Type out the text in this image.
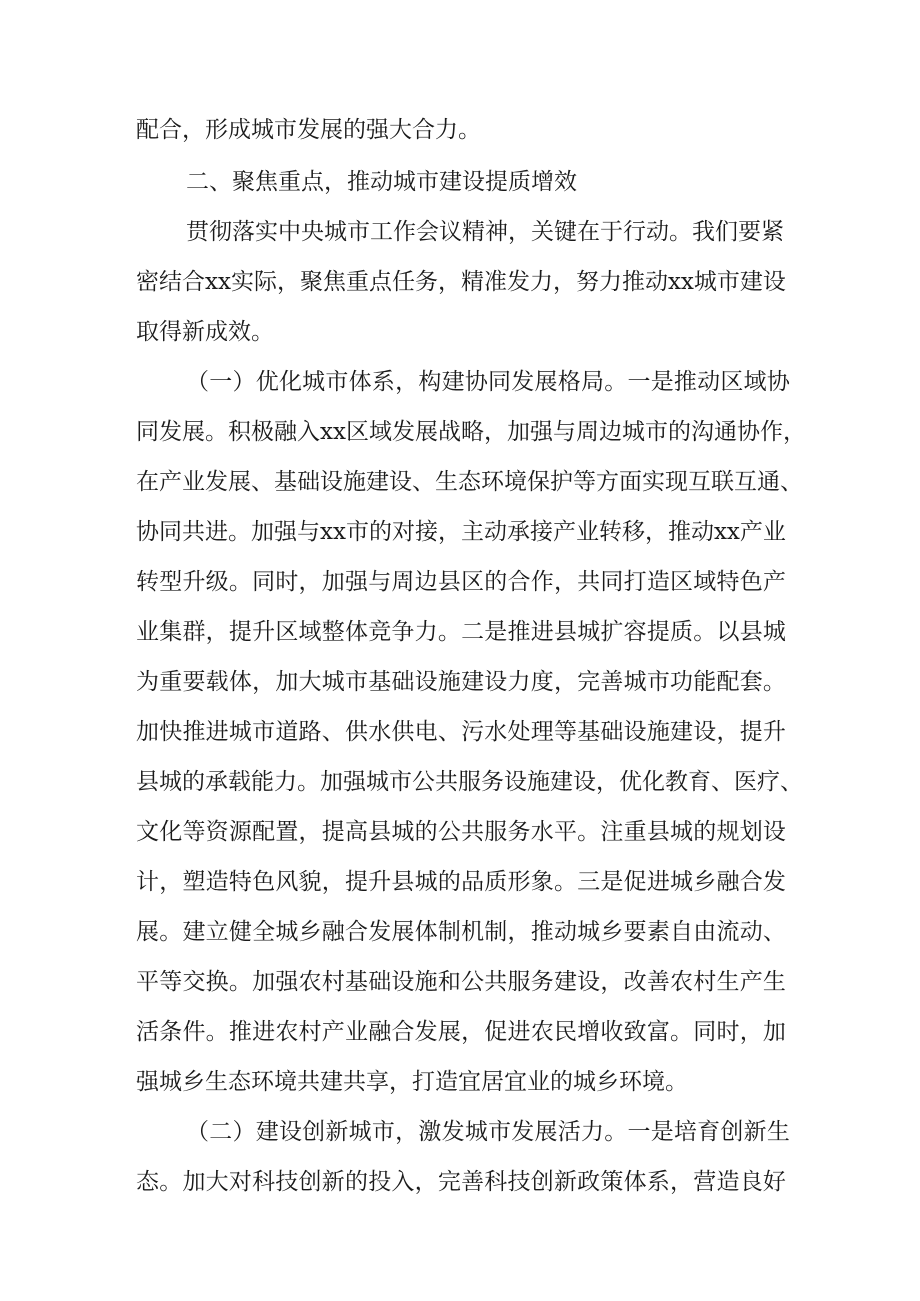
配合，形成城市发展的强大合力。
二、聚焦重点，推动城市建设提质增效
贯 彻 落 实 中 央 城 市 工 作 会 议 精 神 ， 关 键 在 于 行 动 。 我 们 要 紧
密 结 合 xx 实 际 ， 聚 焦 重 点 任 务 ， 精 准 发 力 ， 努 力 推 动 xx 城 市 建 设
取得新成效。
（ 一 ） 优 化 城 市 体 系 ， 构 建 协 同 发 展 格 局 。 一 是 推 动 区 域 协
同 发 展 。 积 极 融 入 xx 区 域 发 展 战 略 ， 加 强 与 周 边 城 市 的 沟 通 协 作 ，
在 产 业 发 展 、 基 础 设 施 建 设 、 生 态 环 境 保 护 等 方 面 实 现 互 联 互 通 、
协 同 共 进 。 加 强 与 xx 市 的 对 接 ， 主 动 承 接 产 业 转 移 ， 推 动 xx 产 业
转 型 升 级 。 同 时 ， 加 强 与 周 边 县 区 的 合 作 ， 共 同 打 造 区 域 特 色 产
业 集 群 ， 提 升 区 域 整 体 竞 争 力 。 二 是 推 进 县 城 扩 容 提 质 。 以 县 城
为 重 要 载 体 ， 加 大 城 市 基 础 设 施 建 设 力 度 ， 完 善 城 市 功 能 配 套 。
加 快 推 进 城 市 道 路 、 供 水 供 电 、 污 水 处 理 等 基 础 设 施 建 设 ， 提 升
县 城 的 承 载 能 力 。 加 强 城 市 公 共 服 务 设 施 建 设 ， 优 化 教 育 、 医 疗 、
文 化 等 资 源 配 置 ， 提 高 县 城 的 公 共 服 务 水 平 。 注 重 县 城 的 规 划 设
计 ， 塑 造 特 色 风 貌 ， 提 升 县 城 的 品 质 形 象 。 三 是 促 进 城 乡 融 合 发
展 。 建 立 健 全 城 乡 融 合 发 展 体 制 机 制 ， 推 动 城 乡 要 素 自 由 流 动 、
平 等 交 换 。 加 强 农 村 基 础 设 施 和 公 共 服 务 建 设 ， 改 善 农 村 生 产 生
活 条 件 。 推 进 农 村 产 业 融 合 发 展 ， 促 进 农 民 增 收 致 富 。 同 时 ， 加
强城乡生态环境共建共享，打造宜居宜业的城乡环境。
（ 二 ） 建 设 创 新 城 市 ， 激 发 城 市 发 展 活 力 。 一 是 培 育 创 新 生
态 。 加 大 对 科 技 创 新 的 投 入 ， 完 善 科 技 创 新 政 策 体 系 ， 营 造 良 好
